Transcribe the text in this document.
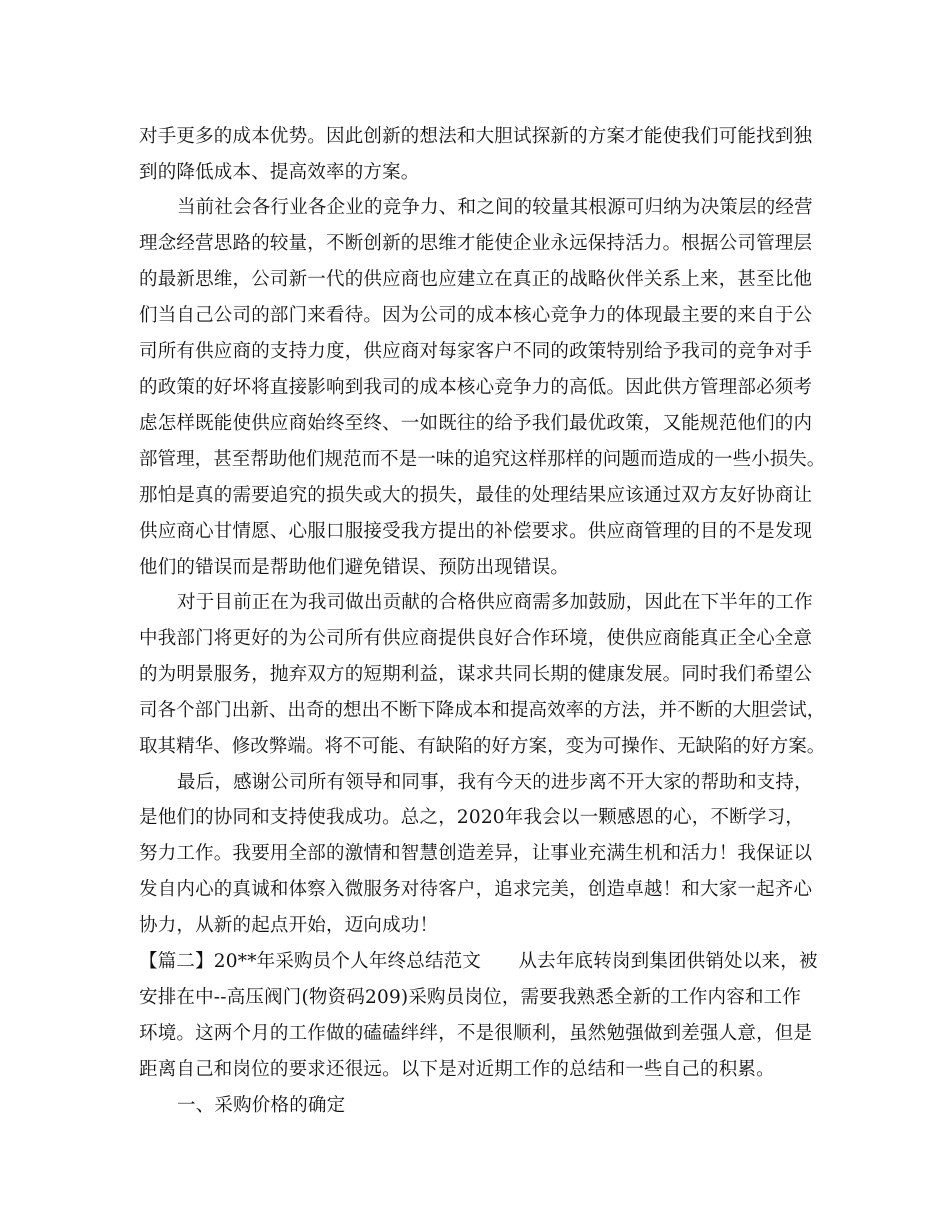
对手更多的成本优势。因此创新的想法和大胆试探新的方案才能使我们可能找到独
到的降低成本、提高效率的方案。
当前社会各行业各企业的竞争力、和之间的较量其根源可归纳为决策层的经营
理念经营思路的较量，不断创新的思维才能使企业永远保持活力。根据公司管理层
的最新思维，公司新一代的供应商也应建立在真正的战略伙伴关系上来，甚至比他
们当自己公司的部门来看待。因为公司的成本核心竞争力的体现最主要的来自于公
司所有供应商的支持力度，供应商对每家客户不同的政策特别给予我司的竞争对手
的政策的好坏将直接影响到我司的成本核心竞争力的高低。因此供方管理部必须考
虑怎样既能使供应商始终至终、一如既往的给予我们最优政策，又能规范他们的内
部管理，甚至帮助他们规范而不是一味的追究这样那样的问题而造成的一些小损失。
那怕是真的需要追究的损失或大的损失，最佳的处理结果应该通过双方友好协商让
供应商心甘情愿、心服口服接受我方提出的补偿要求。供应商管理的目的不是发现
他们的错误而是帮助他们避免错误、预防出现错误。
对于目前正在为我司做出贡献的合格供应商需多加鼓励，因此在下半年的工作
中我部门将更好的为公司所有供应商提供良好合作环境，使供应商能真正全心全意
的为明景服务，抛弃双方的短期利益，谋求共同长期的健康发展。同时我们希望公
司各个部门出新、出奇的想出不断下降成本和提高效率的方法，并不断的大胆尝试，
取其精华、修改弊端。将不可能、有缺陷的好方案，变为可操作、无缺陷的好方案。
最后，感谢公司所有领导和同事，我有今天的进步离不开大家的帮助和支持，
是他们的协同和支持使我成功。总之，2020年我会以一颗感恩的心，不断学习，
努力工作。我要用全部的激情和智慧创造差异，让事业充满生机和活力！我保证以
发自内心的真诚和体察入微服务对待客户，追求完美，创造卓越！和大家一起齐心
协力，从新的起点开始，迈向成功！
【篇二】20**年采购员个人年终总结范文　　从去年底转岗到集团供销处以来，被
安排在中--高压阀门(物资码209)采购员岗位，需要我熟悉全新的工作内容和工作
环境。这两个月的工作做的磕磕绊绊，不是很顺利，虽然勉强做到差强人意，但是
距离自己和岗位的要求还很远。以下是对近期工作的总结和一些自己的积累。
一、采购价格的确定
